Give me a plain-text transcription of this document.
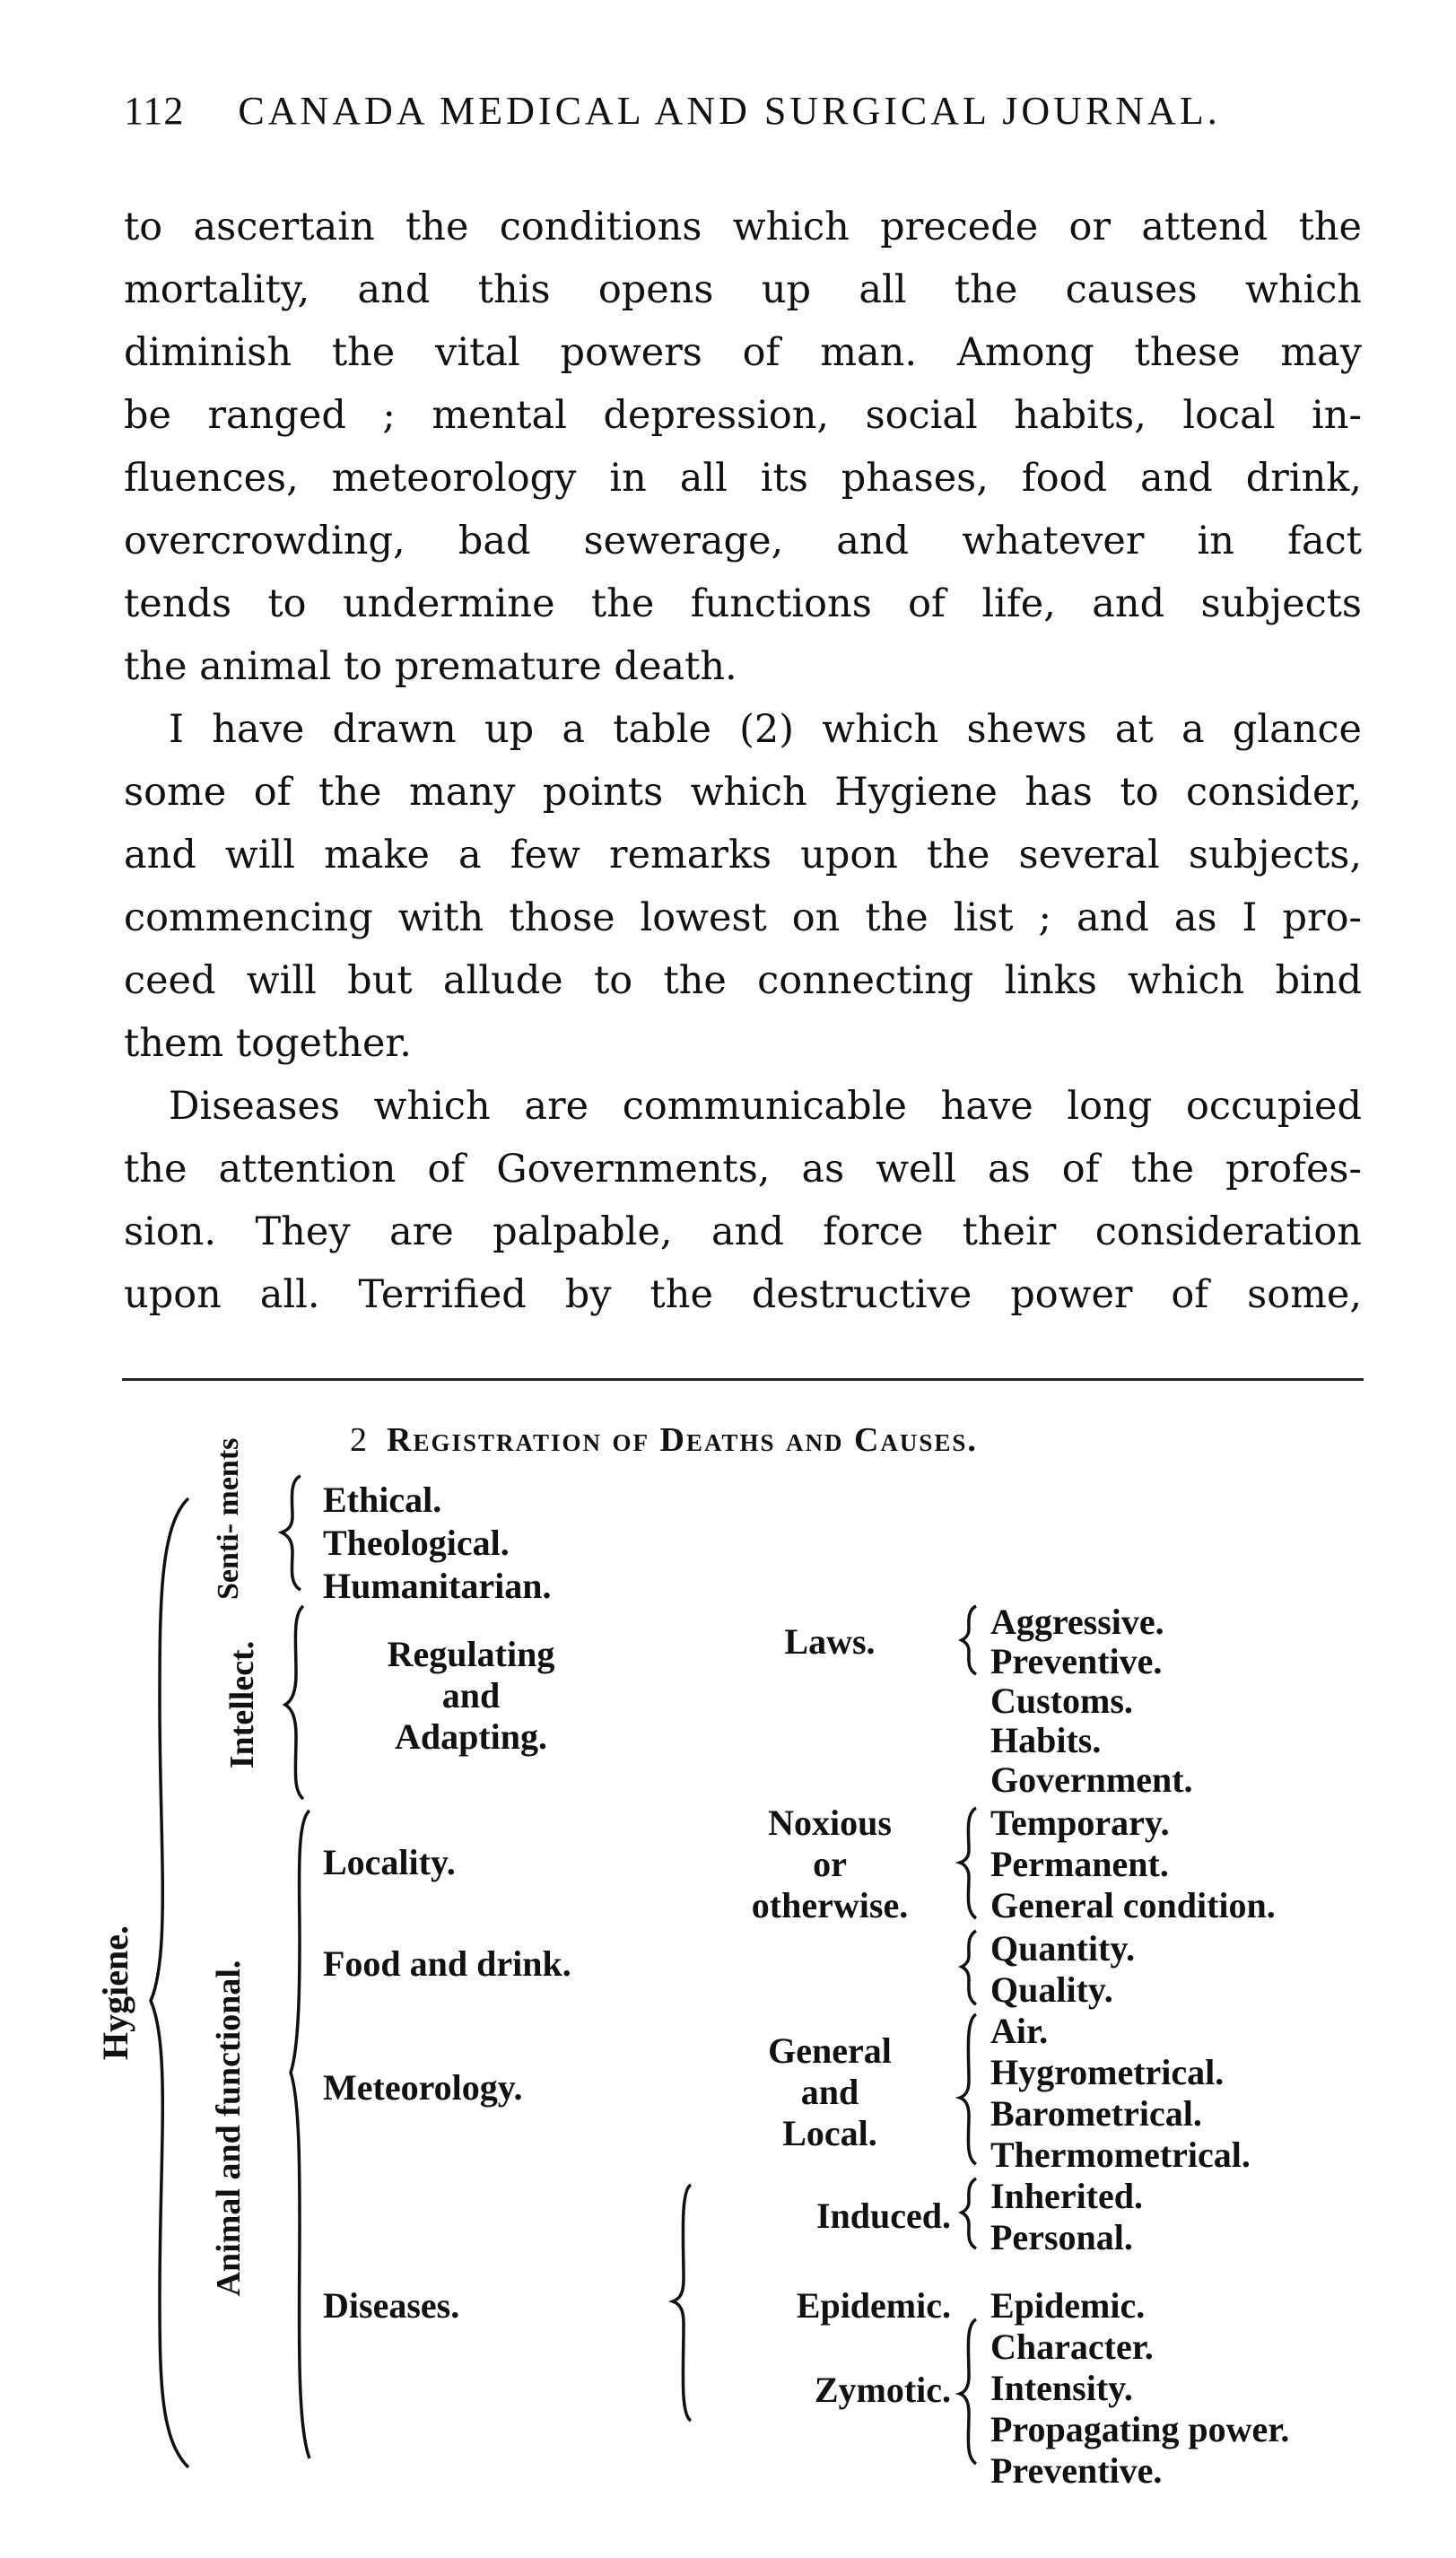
112 CANADA MEDICAL AND SURGICAL JOURNAL.
to ascertain the conditions which precede or attend the
mortality, and this opens up all the causes which
diminish the vital powers of man. Among these may
be ranged ; mental depression, social habits, local in-
fluences, meteorology in all its phases, food and drink,
overcrowding, bad sewerage, and whatever in fact
tends to undermine the functions of life, and subjects
the animal to premature death.
I have drawn up a table (2) which shews at a glance
some of the many points which Hygiene has to consider,
and will make a few remarks upon the several subjects,
commencing with those lowest on the list ; and as I pro-
ceed will but allude to the connecting links which bind
them together.
Diseases which are communicable have long occupied
the attention of Governments, as well as of the profes-
sion. They are palpable, and force their consideration
upon all. Terrified by the destructive power of some,
2 Registration of Deaths and Causes.
Hygiene.
Senti- ments
Intellect.
Animal and functional.
Ethical.
Theological.
Humanitarian.
Regulating
and
Adapting.
Locality.
Food and drink.
Meteorology.
Diseases.
Laws.
Noxious
or
otherwise.
General
and
Local.
Induced.
Epidemic.
Zymotic.
Aggressive.
Preventive.
Customs.
Habits.
Government.
Temporary.
Permanent.
General condition.
Quantity.
Quality.
Air.
Hygrometrical.
Barometrical.
Thermometrical.
Inherited.
Personal.
Epidemic.
Character.
Intensity.
Propagating power.
Preventive.
